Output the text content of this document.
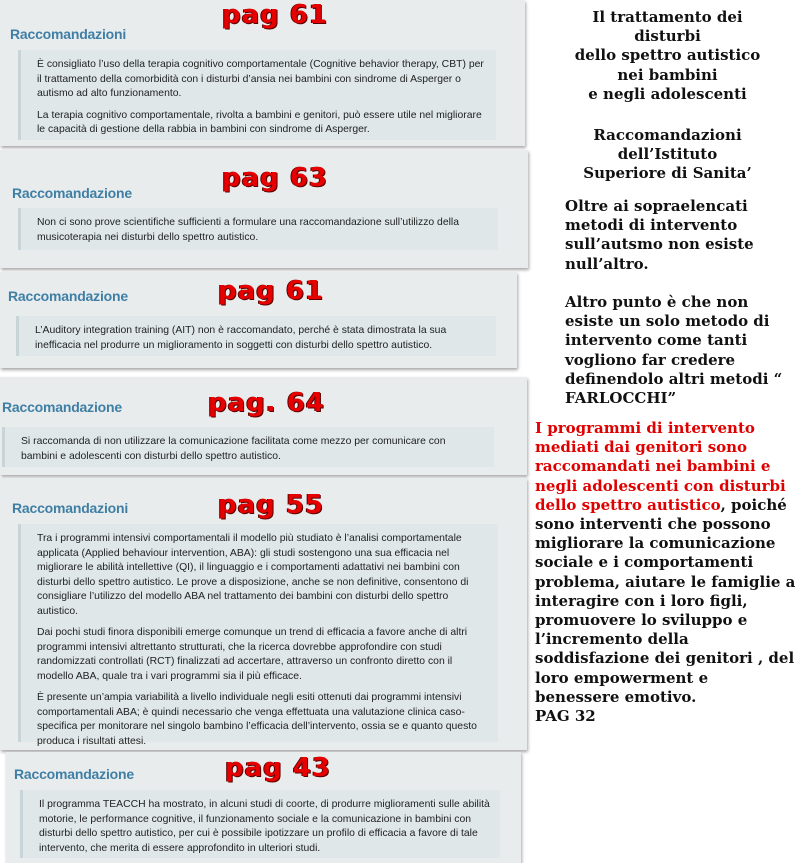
Raccomandazioni

È consigliato l’uso della terapia cognitivo comportamentale (Cognitive behavior therapy, CBT) per il trattamento della comorbidità con i disturbi d’ansia nei bambini con sindrome di Asperger o autismo ad alto funzionamento.

La terapia cognitivo comportamentale, rivolta a bambini e genitori, può essere utile nel migliorare le capacità di gestione della rabbia in bambini con sindrome di Asperger.

pag 61
Raccomandazione

Non ci sono prove scientifiche sufficienti a formulare una raccomandazione sull’utilizzo della musicoterapia nei disturbi dello spettro autistico.

pag 63
Raccomandazione

L’Auditory integration training (AIT) non è raccomandato, perché è stata dimostrata la sua inefficacia nel produrre un miglioramento in soggetti con disturbi dello spettro autistico.

pag 61
Raccomandazione

Si raccomanda di non utilizzare la comunicazione facilitata come mezzo per comunicare con bambini e adolescenti con disturbi dello spettro autistico.

pag. 64
Raccomandazioni

Tra i programmi intensivi comportamentali il modello più studiato è l’analisi comportamentale applicata (Applied behaviour intervention, ABA): gli studi sostengono una sua efficacia nel migliorare le abilità intellettive (QI), il linguaggio e i comportamenti adattativi nei bambini con disturbi dello spettro autistico. Le prove a disposizione, anche se non definitive, consentono di consigliare l’utilizzo del modello ABA nel trattamento dei bambini con disturbi dello spettro autistico.

Dai pochi studi finora disponibili emerge comunque un trend di efficacia a favore anche di altri programmi intensivi altrettanto strutturati, che la ricerca dovrebbe approfondire con studi randomizzati controllati (RCT) finalizzati ad accertare, attraverso un confronto diretto con il modello ABA, quale tra i vari programmi sia il più efficace.

È presente un’ampia variabilità a livello individuale negli esiti ottenuti dai programmi intensivi comportamentali ABA; è quindi necessario che venga effettuata una valutazione clinica caso-specifica per monitorare nel singolo bambino l’efficacia dell’intervento, ossia se e quanto questo produca i risultati attesi.

pag 55
Raccomandazione

Il programma TEACCH ha mostrato, in alcuni studi di coorte, di produrre miglioramenti sulle abilità motorie, le performance cognitive, il funzionamento sociale e la comunicazione in bambini con disturbi dello spettro autistico, per cui è possibile ipotizzare un profilo di efficacia a favore di tale intervento, che merita di essere approfondito in ulteriori studi.

pag 43
Il trattamento dei
disturbi
dello spettro autistico
nei bambini
e negli adolescenti
Raccomandazioni
dell’Istituto
Superiore di Sanita’
Oltre ai sopraelencati metodi di intervento sull’autsmo non esiste null’altro.
Altro punto è che non esiste un solo metodo di intervento come tanti vogliono far credere definendolo altri metodi “ FARLOCCHI”
I programmi di intervento mediati dai genitori sono raccomandati nei bambini e negli adolescenti con disturbi dello spettro autistico, poiché sono interventi che possono migliorare la comunicazione sociale e i comportamenti problema, aiutare le famiglie a interagire con i loro figli, promuovere lo sviluppo e l’incremento della soddisfazione dei genitori , del loro empowerment e benessere emotivo.
PAG 32
